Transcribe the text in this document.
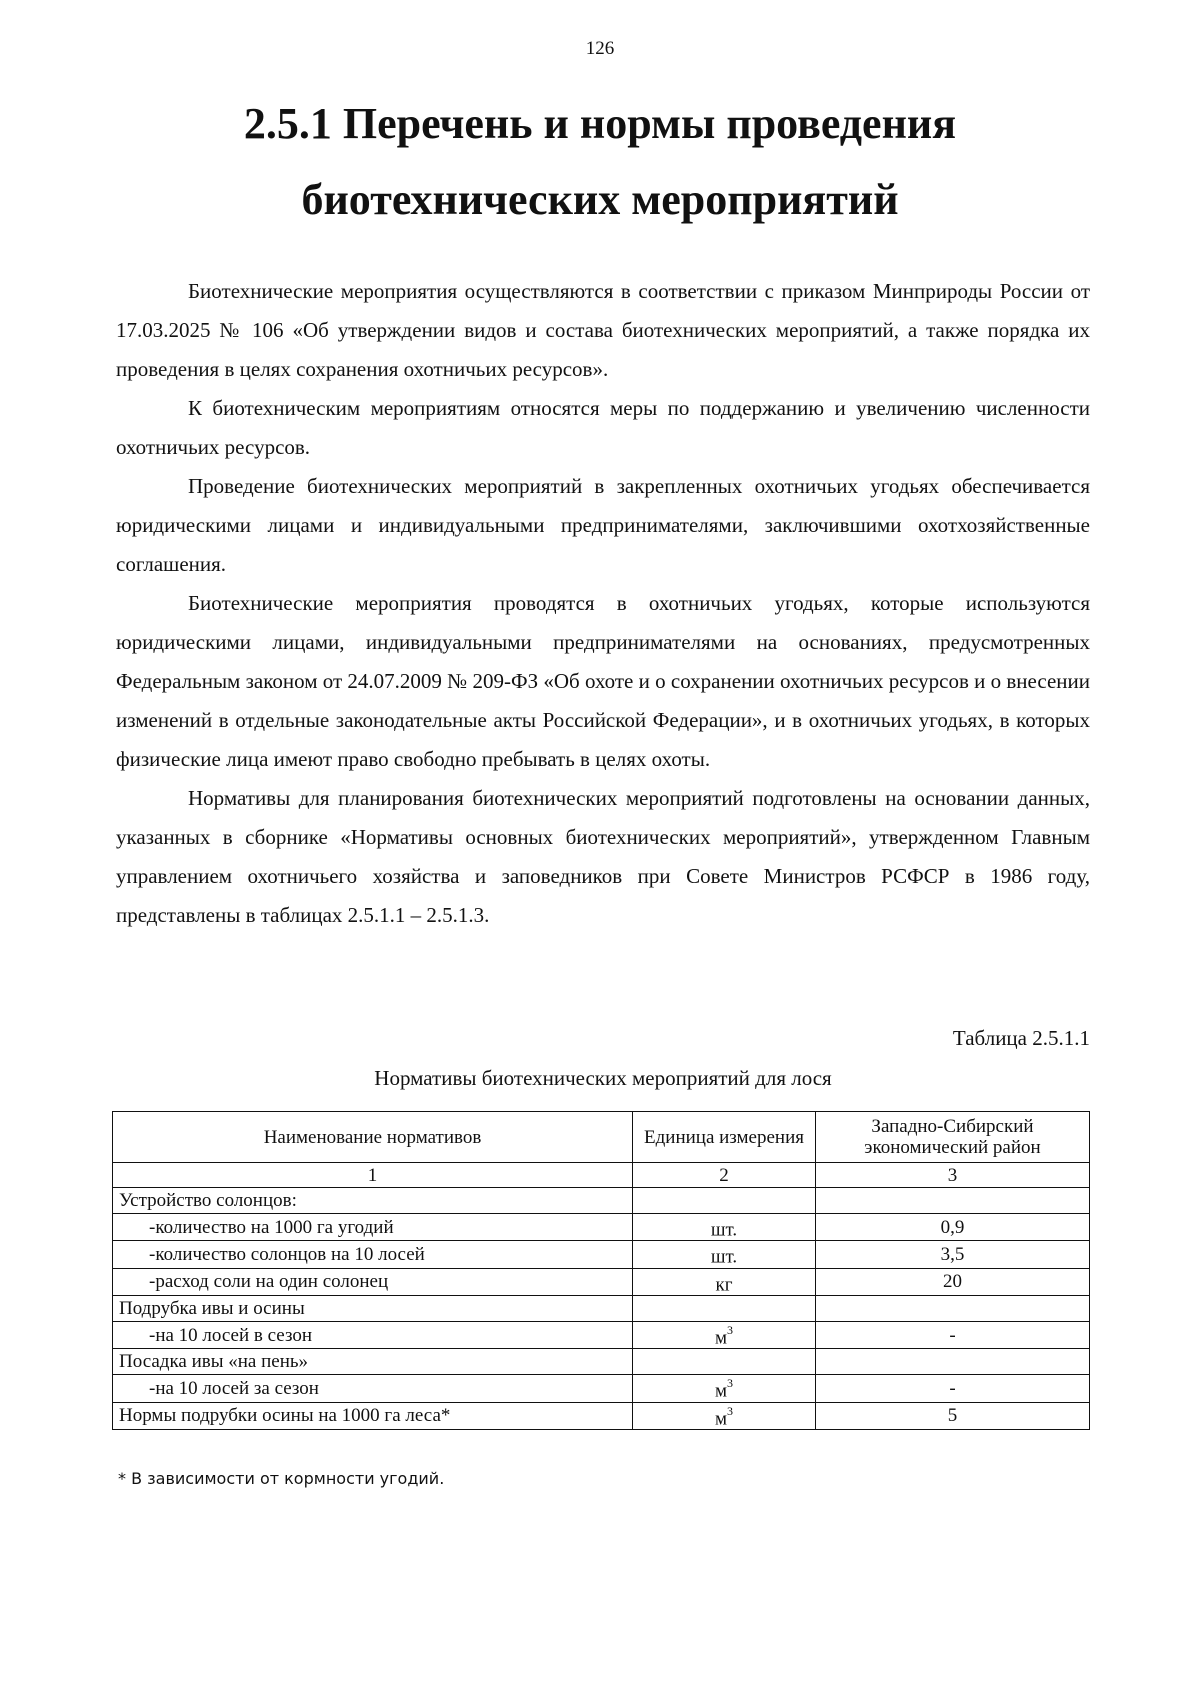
126
2.5.1 Перечень и нормы проведения
биотехнических мероприятий

Биотехнические мероприятия осуществляются в соответствии с приказом Минприроды России от 17.03.2025 № 106 «Об утверждении видов и состава биотехнических мероприятий, а также порядка их проведения в целях сохранения охотничьих ресурсов».

К биотехническим мероприятиям относятся меры по поддержанию и увеличению численности охотничьих ресурсов.

Проведение биотехнических мероприятий в закрепленных охотничьих угодьях обеспечивается юридическими лицами и индивидуальными предпринимателями, заключившими охотхозяйственные соглашения.

Биотехнические мероприятия проводятся в охотничьих угодьях, которые используются юридическими лицами, индивидуальными предпринимателями на основаниях, предусмотренных Федеральным законом от 24.07.2009 № 209-ФЗ «Об охоте и о сохранении охотничьих ресурсов и о внесении изменений в отдельные законодательные акты Российской Федерации», и в охотничьих угодьях, в которых физические лица имеют право свободно пребывать в целях охоты.

Нормативы для планирования биотехнических мероприятий подготовлены на основании данных, указанных в сборнике «Нормативы основных биотехнических мероприятий», утвержденном Главным управлением охотничьего хозяйства и заповедников при Совете Министров РСФСР в 1986 году, представлены в таблицах 2.5.1.1 – 2.5.1.3.

Таблица 2.5.1.1
Нормативы биотехнических мероприятий для лося
Наименование нормативов	Единица измерения	Западно-Сибирский экономический район
1	2	3
Устройство солонцов:		
-количество на 1000 га угодий	шт.	0,9
-количество солонцов на 10 лосей	шт.	3,5
-расход соли на один солонец	кг	20
Подрубка ивы и осины		
-на 10 лосей в сезон	$м^3$	-
Посадка ивы «на пень»		
-на 10 лосей за сезон	$м^3$	-
Нормы подрубки осины на 1000 га леса*	$м^3$	5
* В зависимости от кормности угодий.
